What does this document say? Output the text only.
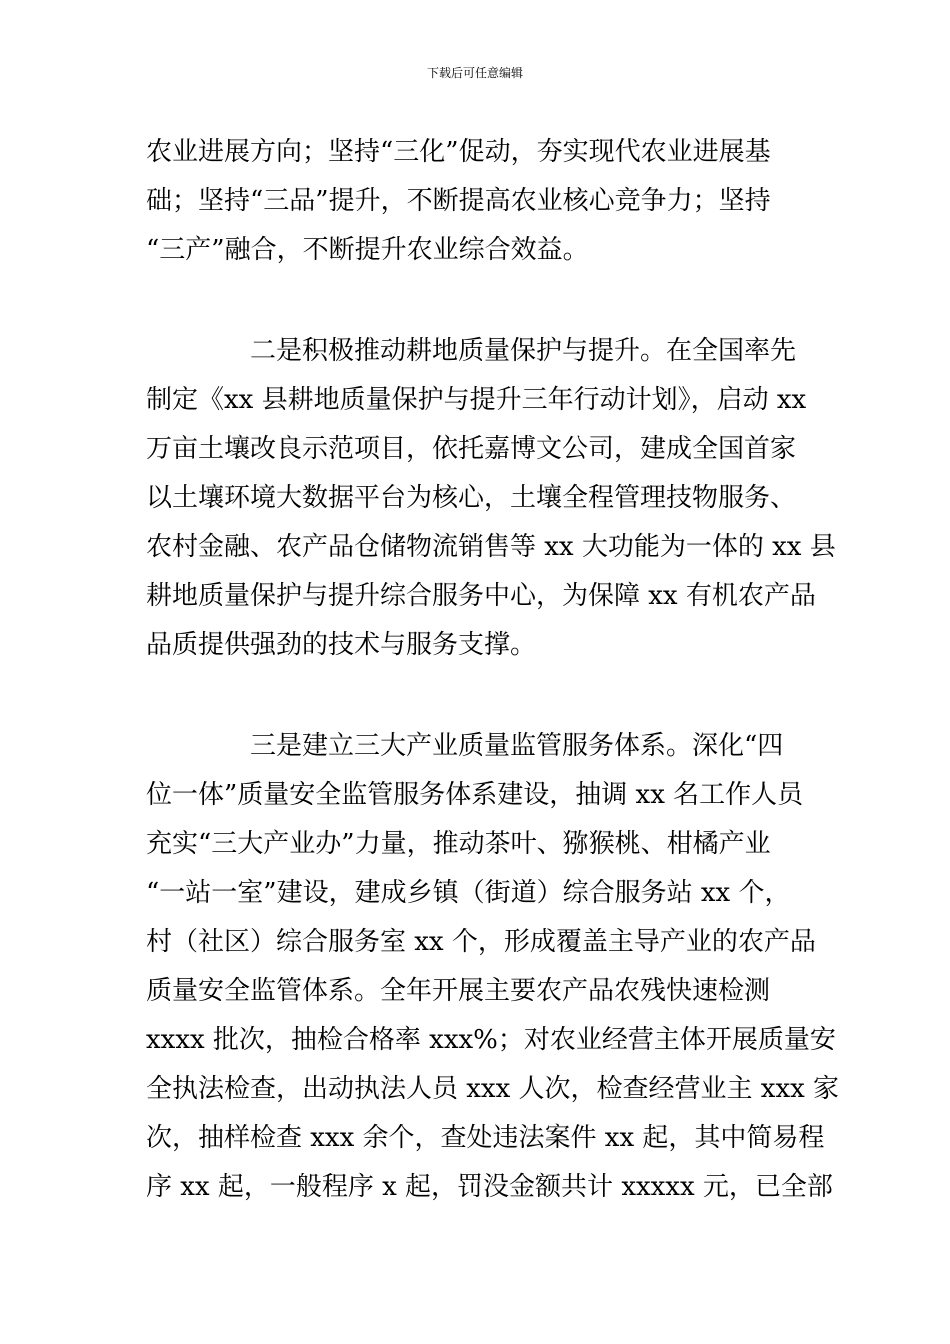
下载后可任意编辑
农业进展方向；坚持“三化”促动，夯实现代农业进展基
础；坚持“三品”提升，不断提高农业核心竞争力；坚持
“三产”融合，不断提升农业综合效益。
二是积极推动耕地质量保护与提升。在全国率先
制定《xx 县耕地质量保护与提升三年行动计划》，启动 xx
万亩土壤改良示范项目，依托嘉博文公司，建成全国首家
以土壤环境大数据平台为核心，土壤全程管理技物服务、
农村金融、农产品仓储物流销售等 xx 大功能为一体的 xx 县
耕地质量保护与提升综合服务中心，为保障 xx 有机农产品
品质提供强劲的技术与服务支撑。
三是建立三大产业质量监管服务体系。深化“四
位一体”质量安全监管服务体系建设，抽调 xx 名工作人员
充实“三大产业办”力量，推动茶叶、猕猴桃、柑橘产业
“一站一室”建设，建成乡镇（街道）综合服务站 xx 个，
村（社区）综合服务室 xx 个，形成覆盖主导产业的农产品
质量安全监管体系。全年开展主要农产品农残快速检测
xxxx 批次，抽检合格率 xxx%；对农业经营主体开展质量安
全执法检查，出动执法人员 xxx 人次，检查经营业主 xxx 家
次，抽样检查 xxx 余个，查处违法案件 xx 起，其中简易程
序 xx 起，一般程序 x 起，罚没金额共计 xxxxx 元，已全部
